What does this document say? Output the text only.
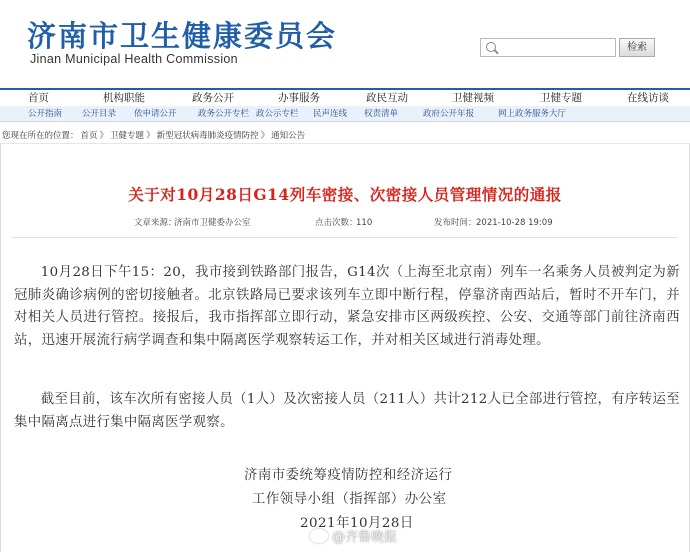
济南市卫生健康委员会
Jinan Municipal Health Commission
检索
首页	机构职能	政务公开	办事服务	政民互动	卫健视频	卫健专题	在线访谈
公开指南 公开目录 依申请公开	政务公开专栏 政公示专栏 民声连线 权责清单	政府公开年报	网上政务服务大厅
您现在所在的位置： 首页 》 卫健专题 》 新型冠状病毒肺炎疫情防控 》 通知公告
关于对10月28日G14列车密接、次密接人员管理情况的通报
文章来源：
济南市卫健委办公室	点击次数：
110	发布时间： 2021-10-28 19:09

10月28日下午15：20，我市接到铁路部门报告，G14次（上海至北京南）列车一名乘务人员被判定为新冠肺炎确诊病例的密切接触者。北京铁路局已要求该列车立即中断行程，停靠济南西站后，暂时不开车门，并对相关人员进行管控。接报后，我市指挥部立即行动，紧急安排市区两级疾控、公安、交通等部门前往济南西站，迅速开展流行病学调查和集中隔离医学观察转运工作，并对相关区域进行消毒处理。

截至目前，该车次所有密接人员（1人）及次密接人员（211人）共计212人已全部进行管控，有序转运至集中隔离点进行集中隔离医学观察。

济南市委统筹疫情防控和经济运行
工作领导小组（指挥部）办公室
2021年10月28日
@齐鲁晚报
